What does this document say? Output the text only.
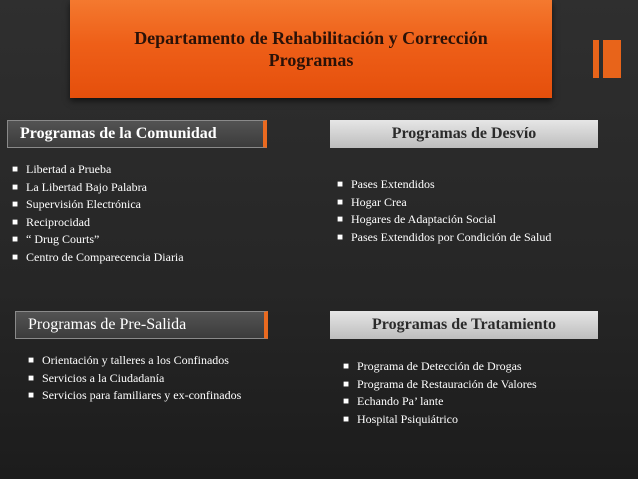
Departamento de Rehabilitación y Corrección
Programas
Programas de la Comunidad
■ Libertad a Prueba
■ La Libertad Bajo Palabra
■ Supervisión Electrónica
■ Reciprocidad
■ “ Drug Courts”
■ Centro de Comparecencia Diaria
Programas de Desvío
■ Pases Extendidos
■ Hogar Crea
■ Hogares de Adaptación Social
■ Pases Extendidos por Condición de Salud
Programas de Pre-Salida
■ Orientación y talleres a los Confinados
■ Servicios a la Ciudadanía
■ Servicios para familiares y ex-confinados
Programas de Tratamiento
■ Programa de Detección de Drogas
■ Programa de Restauración de Valores
■ Echando Pa’ lante
■ Hospital Psiquiátrico
